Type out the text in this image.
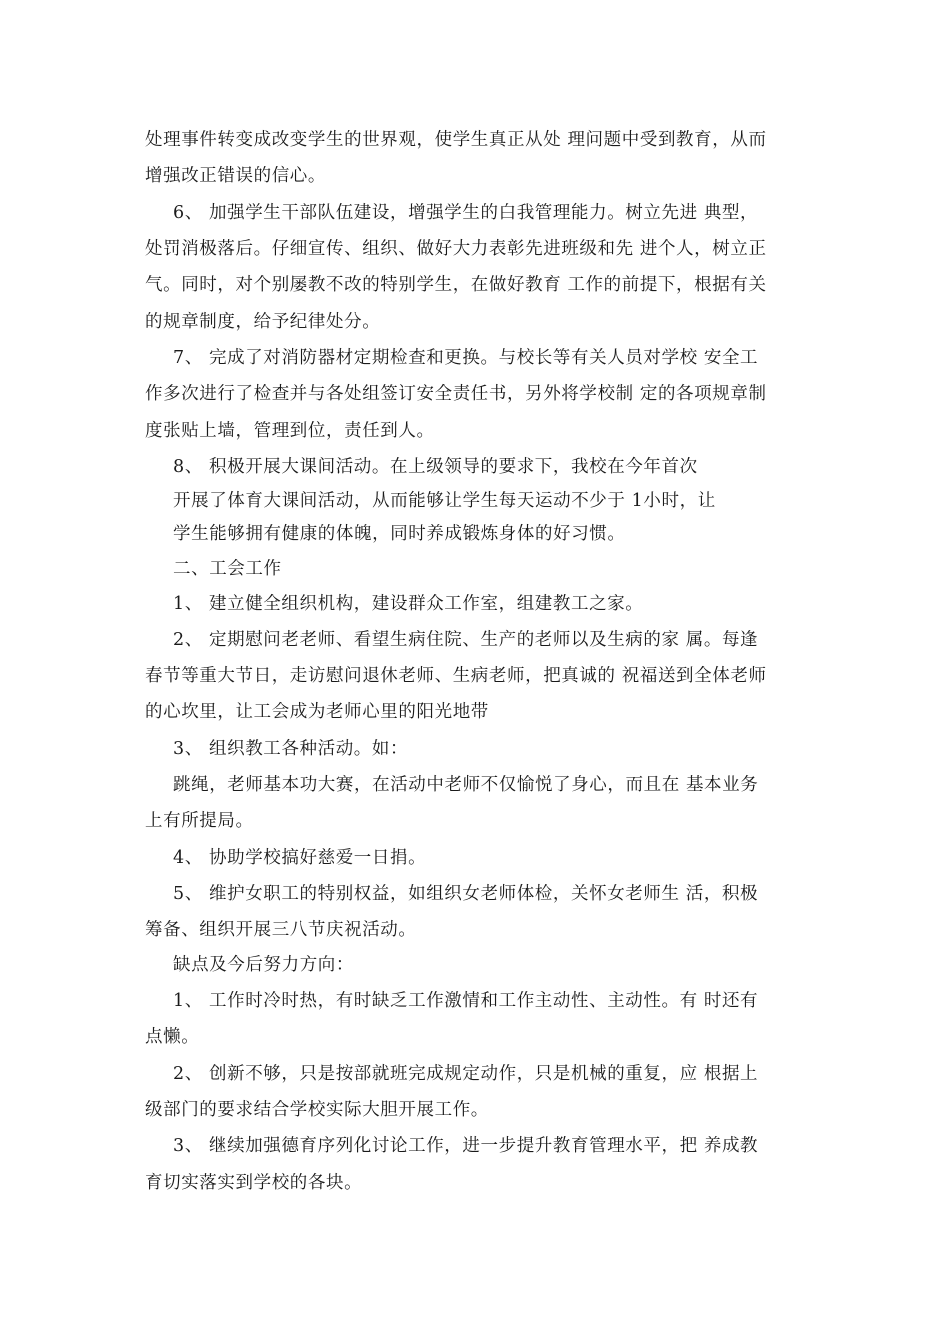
处理事件转变成改变学生的世界观，使学生真正从处 理问题中受到教育，从而
增强改正错误的信心。
6、 加强学生干部队伍建设，增强学生的白我管理能力。树立先进 典型，
处罚消极落后。仔细宣传、组织、做好大力表彰先进班级和先 进个人，树立正
气。同时，对个别屡教不改的特别学生，在做好教育 工作的前提下，根据有关
的规章制度，给予纪律处分。
7、 完成了对消防器材定期检查和更换。与校长等有关人员对学校 安全工
作多次进行了检查并与各处组签订安全责任书，另外将学校制 定的各项规章制
度张贴上墙，管理到位，责任到人。
8、 积极开展大课间活动。在上级领导的要求下，我校在今年首次
开展了体育大课间活动，从而能够让学生每天运动不少于 1小时，让
学生能够拥有健康的体魄，同时养成锻炼身体的好习惯。
二、工会工作
1、 建立健全组织机构，建设群众工作室，组建教工之家。
2、 定期慰问老老师、看望生病住院、生产的老师以及生病的家 属。每逢
春节等重大节日，走访慰问退休老师、生病老师，把真诚的 祝福送到全体老师
的心坎里，让工会成为老师心里的阳光地带
3、 组织教工各种活动。如：
跳绳，老师基本功大赛，在活动中老师不仅愉悦了身心，而且在 基本业务
上有所提局。
4、 协助学校搞好慈爱一日捐。
5、 维护女职工的特别权益，如组织女老师体检，关怀女老师生 活，积极
筹备、组织开展三八节庆祝活动。
缺点及今后努力方向：
1、 工作时冷时热，有时缺乏工作激情和工作主动性、主动性。有 时还有
点懒。
2、 创新不够，只是按部就班完成规定动作，只是机械的重复，应 根据上
级部门的要求结合学校实际大胆开展工作。
3、 继续加强德育序列化讨论工作，进一步提升教育管理水平，把 养成教
育切实落实到学校的各块。
